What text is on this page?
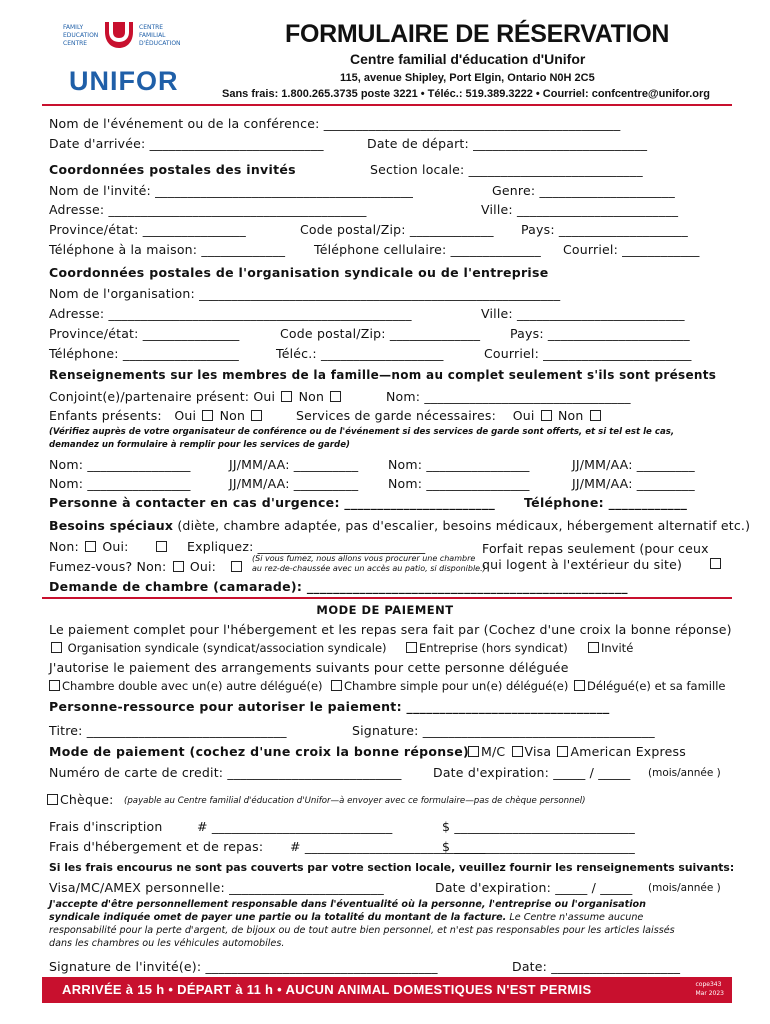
FAMILY
EDUCATION
CENTRE
CENTRE
FAMILIAL
D'ÉDUCATION
UNIFOR
FORMULAIRE DE RÉSERVATION
Centre familial d'éducation d'Unifor
115, avenue Shipley, Port Elgin, Ontario N0H 2C5
Sans frais: 1.800.265.3735 poste 3221 • Téléc.: 519.389.3222 • Courriel: confcentre@unifor.org
Nom de l'événement ou de la conférence: ______________________________________________
Date d'arrivée: ___________________________	Date de départ: ___________________________
Coordonnées postales des invités	Section locale: ___________________________
Nom de l'invité: ________________________________________	Genre: _____________________
Adresse: ________________________________________	Ville: _________________________
Province/état: ________________	Code postal/Zip: _____________ Pays: ____________________
Téléphone à la maison: _____________ Téléphone cellulaire: ______________ Courriel: ____________
Coordonnées postales de l'organisation syndicale ou de l'entreprise
Nom de l'organisation: ________________________________________________________
Adresse: _______________________________________________	Ville: __________________________
Province/état: _______________	Code postal/Zip: ______________ Pays: ______________________
Téléphone: __________________	Téléc.: ___________________	Courriel: _______________________
Renseignements sur les membres de la famille—nom au complet seulement s'ils sont présents
Conjoint(e)/partenaire présent: Oui Non	Nom: ________________________________
Enfants présents: Oui Non	Services de garde nécessaires: Oui Non
(Vérifiez auprès de votre organisateur de conférence ou de l'événement si des services de garde sont offerts, et si tel est le cas,
demandez un formulaire à remplir pour les services de garde)
Nom: ________________	JJ/MM/AA: __________ Nom: ________________	JJ/MM/AA: _________
Nom: ________________	JJ/MM/AA: __________ Nom: ________________	JJ/MM/AA: _________
Personne à contacter en cas d'urgence: _______________________ Téléphone: ____________
Besoins spéciaux (diète, chambre adaptée, pas d'escalier, besoins médicaux, hébergement alternatif etc.)
Non: Oui:	Expliquez: __________________________	Forfait repas seulement (pour ceux
qui logent à l'extérieur du site)
Fumez-vous? Non: Oui:
(Si vous fumez, nous allons vous procurer une chambre
au rez-de-chaussée avec un accès au patio, si disponible.)
Demande de chambre (camarade): _________________________________________________
MODE DE PAIEMENT
Le paiement complet pour l'hébergement et les repas sera fait par (Cochez d'une croix la bonne réponse)
Organisation syndicale (syndicat/association syndicale)	Entreprise (hors syndicat)	Invité
J'autorise le paiement des arrangements suivants pour cette personne déléguée
Chambre double avec un(e) autre délégué(e)	Chambre simple pour un(e) délégué(e)	Délégué(e) et sa famille
Personne-ressource pour autoriser le paiement: _______________________________
Titre: _______________________________	Signature: ____________________________________
Mode de paiement (cochez d'une croix la bonne réponse) M/C Visa American Express
Numéro de carte de credit: ___________________________	Date d'expiration: _____ / _____ (mois/année )
Chèque: (payable au Centre familial d'éducation d'Unifor—à envoyer avec ce formulaire—pas de chèque personnel)
Frais d'inscription	# ____________________________	$ ____________________________
Frais d'hébergement et de repas: # ____________________________
$ ____________________________
Si les frais encourus ne sont pas couverts par votre section locale, veuillez fournir les renseignements suivants:
Visa/MC/AMEX personnelle: ________________________	Date d'expiration: _____ / _____ (mois/année )
J'accepte d'être personnellement responsable dans l'éventualité où la personne, l'entreprise ou l'organisation
syndicale indiquée omet de payer une partie ou la totalité du montant de la facture. Le Centre n'assume aucune
responsabilité pour la perte d'argent, de bijoux ou de tout autre bien personnel, et n'est pas responsables pour les articles laissés
dans les chambres ou les véhicules automobiles.
Signature de l'invité(e): ____________________________________	Date: ____________________
ARRIVÉE à 15 h • DÉPART à 11 h • AUCUN ANIMAL DOMESTIQUES N'EST PERMIS	cope343
Mar 2023
